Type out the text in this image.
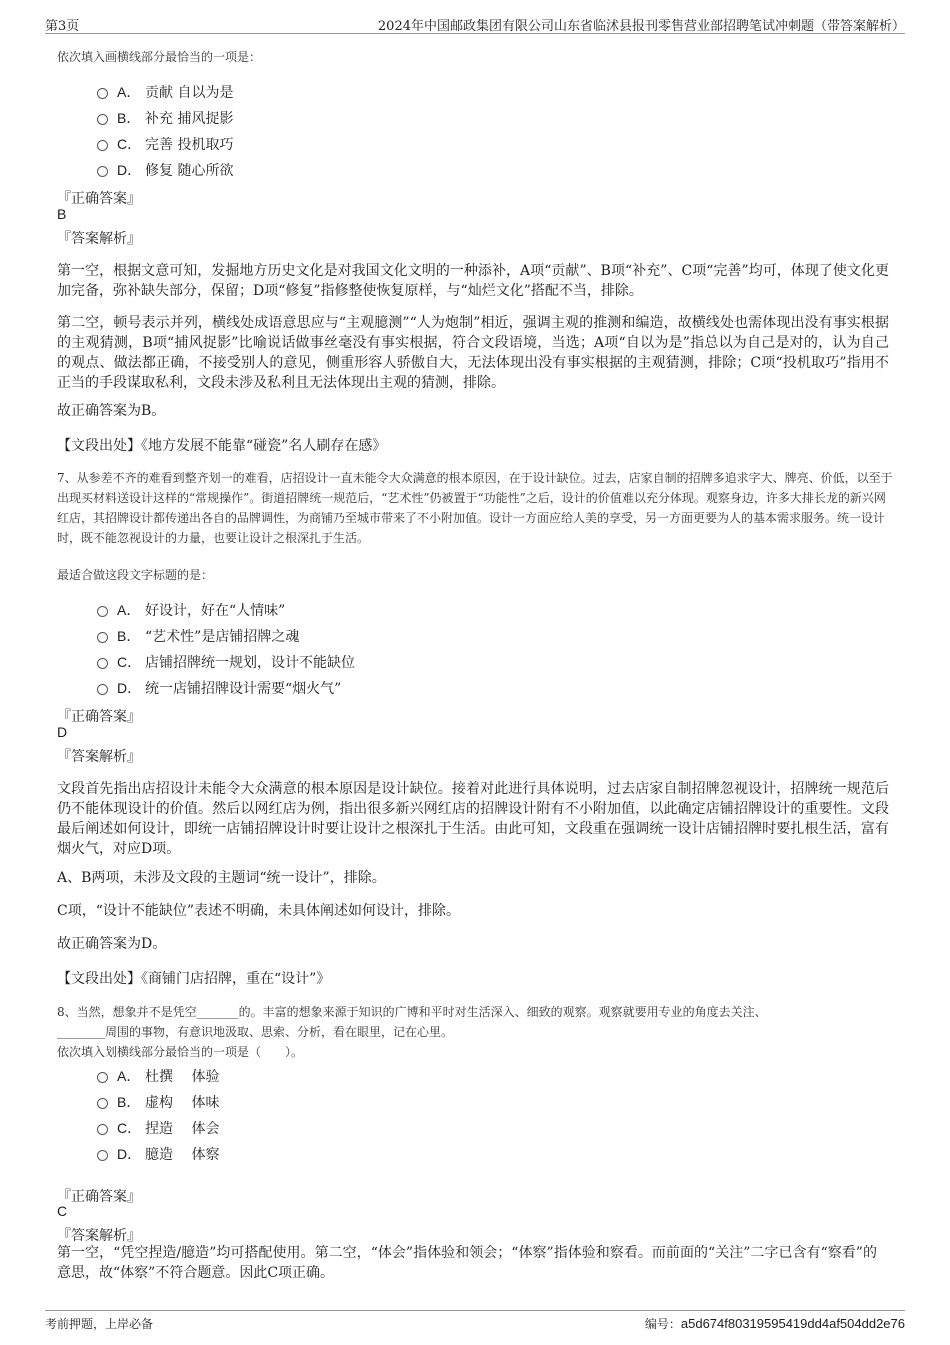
第3页	2024年中国邮政集团有限公司山东省临沭县报刊零售营业部招聘笔试冲刺题（带答案解析）
依次填入画横线部分最恰当的一项是：
A． 贡献 自以为是
B． 补充 捕风捉影
C． 完善 投机取巧
D． 修复 随心所欲
『正确答案』
B
『答案解析』
第一空，根据文意可知，发掘地方历史文化是对我国文化文明的一种添补，A项“贡献”、B项“补充”、C项“完善”均可，体现了使文化更加完备，弥补缺失部分，保留；D项“修复”指修整使恢复原样，与“灿烂文化”搭配不当，排除。
第二空，顿号表示并列，横线处成语意思应与“主观臆测”“人为炮制”相近，强调主观的推测和编造，故横线处也需体现出没有事实根据的主观猜测，B项“捕风捉影”比喻说话做事丝毫没有事实根据，符合文段语境，当选；A项“自以为是”指总以为自己是对的，认为自己的观点、做法都正确，不接受别人的意见，侧重形容人骄傲自大，无法体现出没有事实根据的主观猜测，排除；C项“投机取巧”指用不正当的手段谋取私利，文段未涉及私利且无法体现出主观的猜测，排除。
故正确答案为B。
【文段出处】《地方发展不能靠“碰瓷”名人刷存在感》
7、从参差不齐的难看到整齐划一的难看，店招设计一直未能令大众满意的根本原因，在于设计缺位。过去，店家自制的招牌多追求字大、牌亮、价低，以至于出现买材料送设计这样的“常规操作”。街道招牌统一规范后，“艺术性”仍被置于“功能性”之后，设计的价值难以充分体现。观察身边，许多大排长龙的新兴网红店，其招牌设计都传递出各自的品牌调性，为商铺乃至城市带来了不小附加值。设计一方面应给人美的享受，另一方面更要为人的基本需求服务。统一设计时，既不能忽视设计的力量，也要让设计之根深扎于生活。
最适合做这段文字标题的是：
A． 好设计，好在“人情味”
B． “艺术性”是店铺招牌之魂
C． 店铺招牌统一规划，设计不能缺位
D． 统一店铺招牌设计需要“烟火气”
『正确答案』
D
『答案解析』
文段首先指出店招设计未能令大众满意的根本原因是设计缺位。接着对此进行具体说明，过去店家自制招牌忽视设计，招牌统一规范后仍不能体现设计的价值。然后以网红店为例，指出很多新兴网红店的招牌设计附有不小附加值，以此确定店铺招牌设计的重要性。文段最后阐述如何设计，即统一店铺招牌设计时要让设计之根深扎于生活。由此可知，文段重在强调统一设计店铺招牌时要扎根生活，富有烟火气，对应D项。
A、B两项，未涉及文段的主题词“统一设计”，排除。
C项，“设计不能缺位”表述不明确，未具体阐述如何设计，排除。
故正确答案为D。
【文段出处】《商铺门店招牌，重在“设计”》
8、当然，想象并不是凭空_______的。丰富的想象来源于知识的广博和平时对生活深入、细致的观察。观察就要用专业的角度去关注、
________周围的事物，有意识地汲取、思索、分析，看在眼里，记在心里。
依次填入划横线部分最恰当的一项是（　　）。
A． 杜撰　 体验
B． 虚构　 体味
C． 捏造　 体会
D． 臆造　 体察
『正确答案』
C
『答案解析』
第一空，“凭空捏造/臆造”均可搭配使用。第二空，“体会”指体验和领会；“体察”指体验和察看。而前面的“关注”二字已含有“察看”的意思，故“体察”不符合题意。因此C项正确。
考前押题，上岸必备	编号：a5d674f80319595419dd4af504dd2e76
